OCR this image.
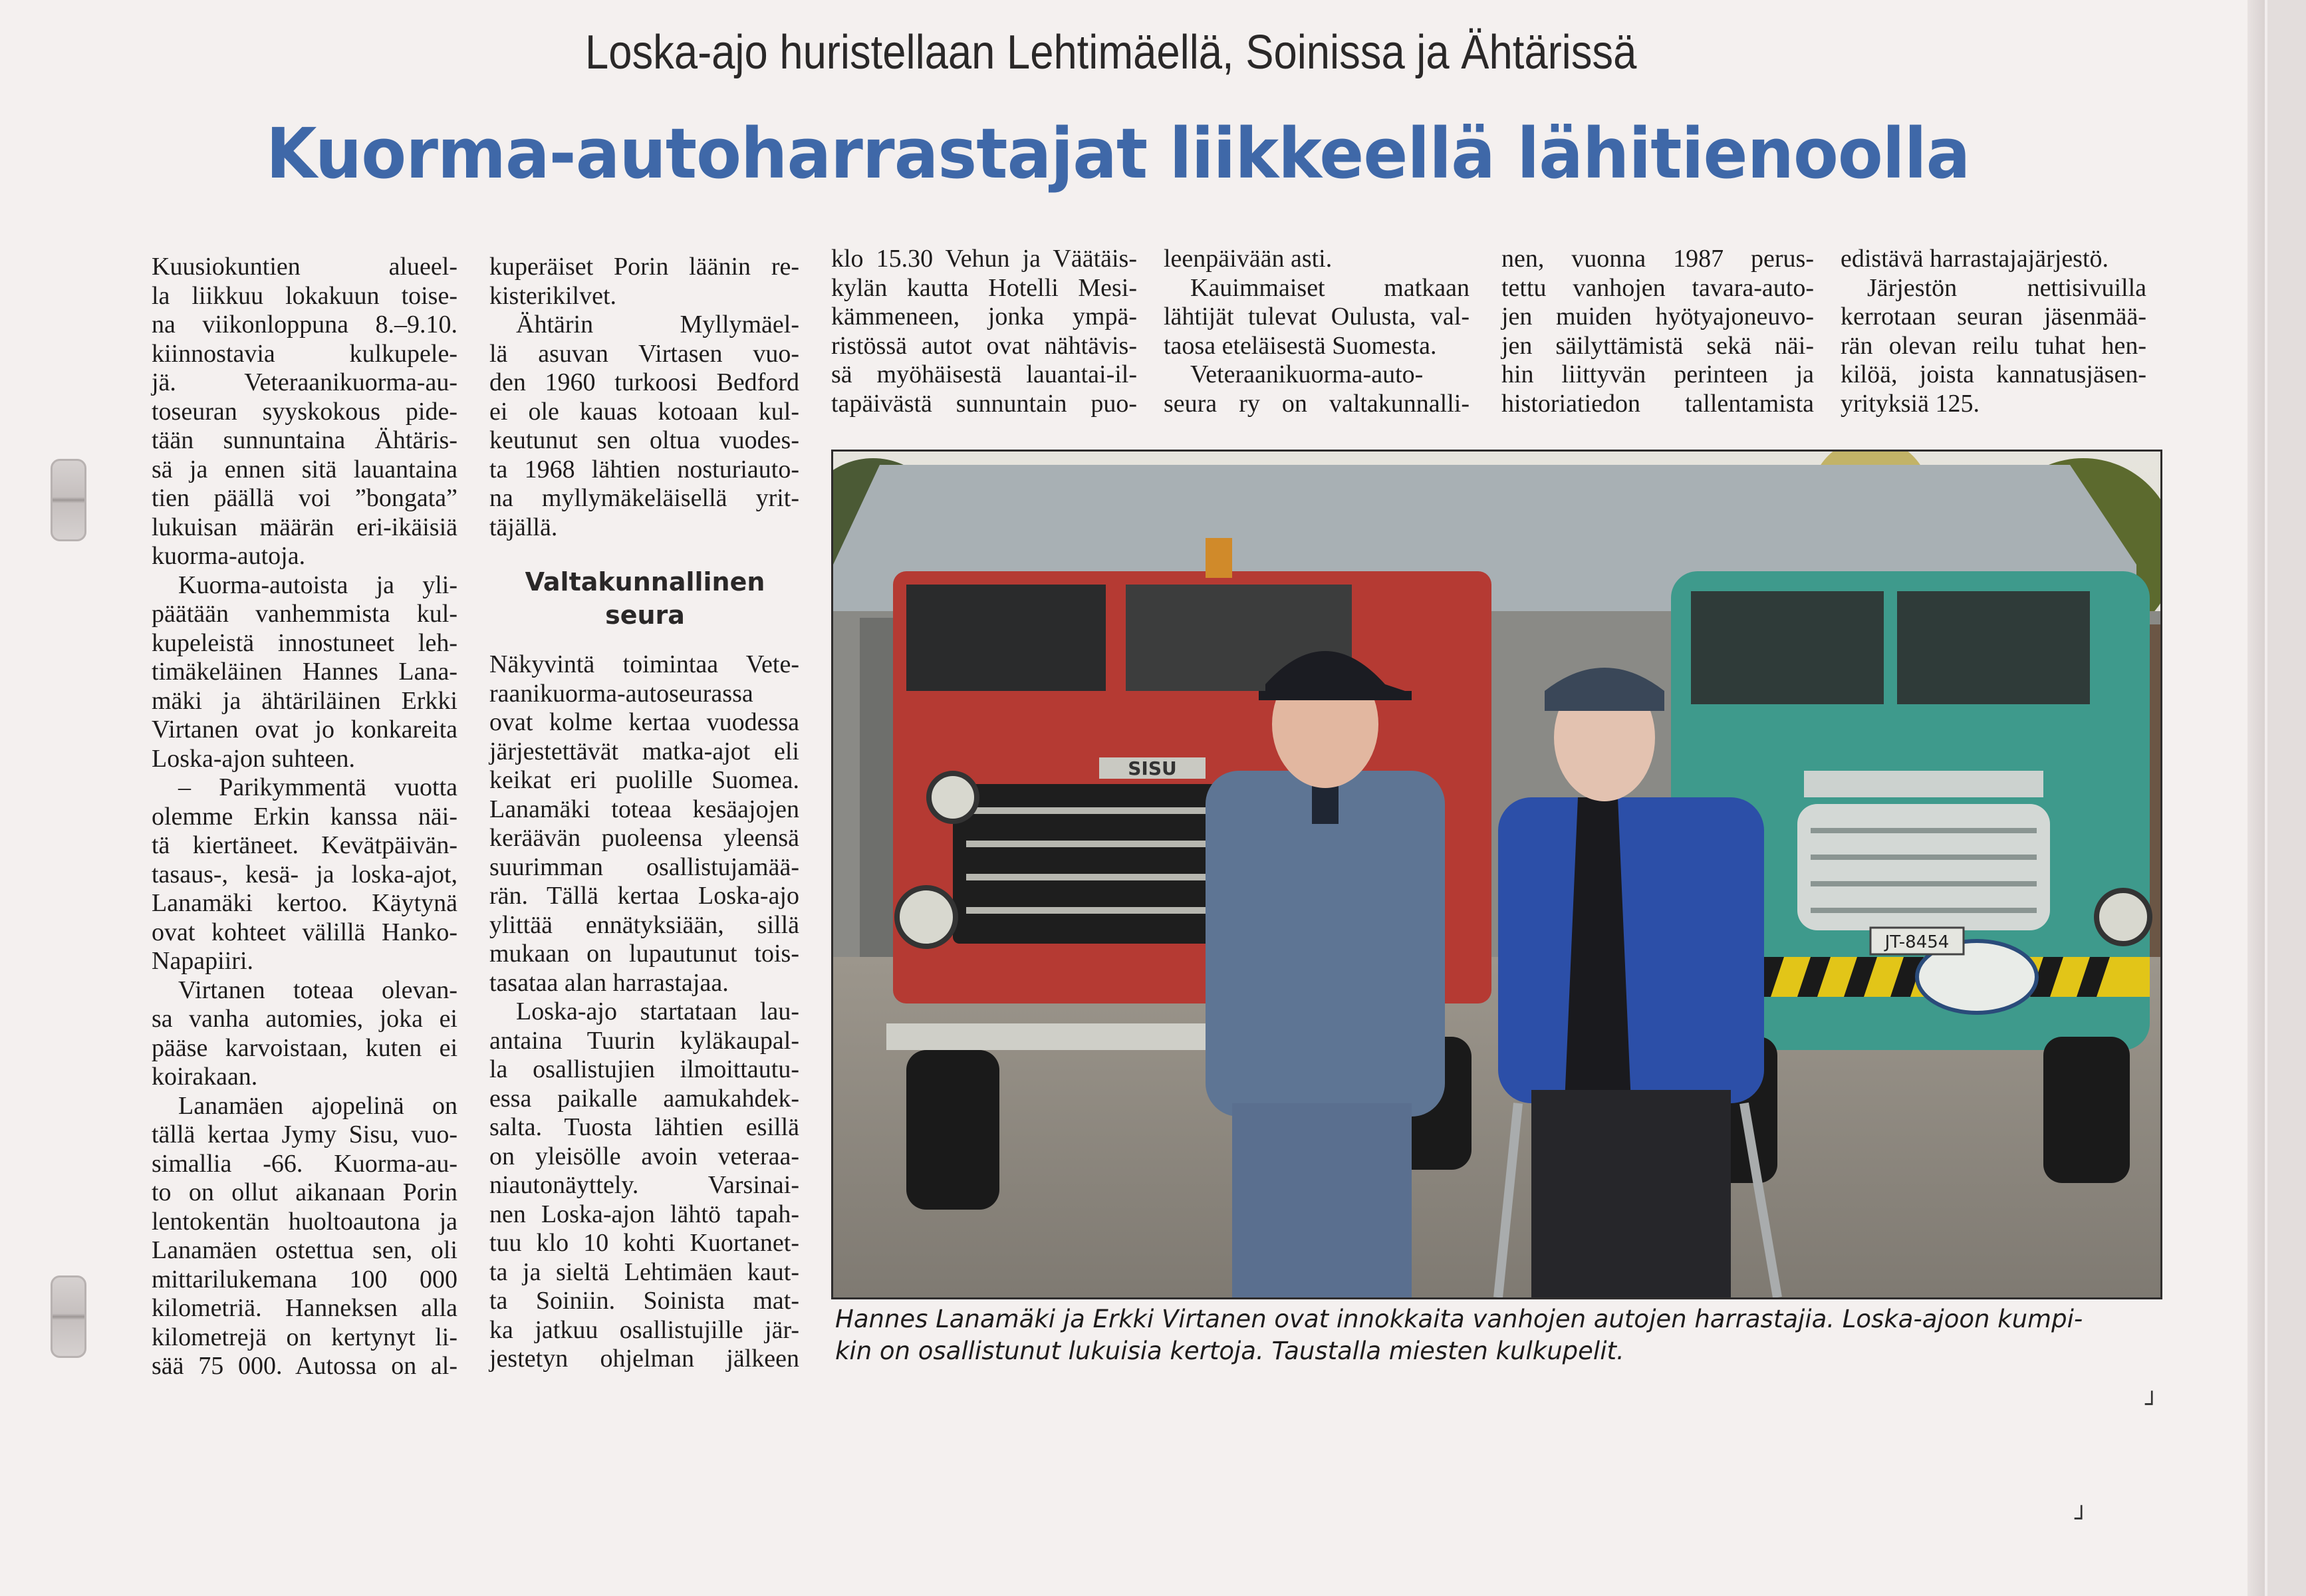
Loska-ajo huristellaan Lehtimäellä, Soinissa ja Ähtärissä
Kuorma-autoharrastajat liikkeellä lähitienoolla
Kuusiokuntien alueel-
la liikkuu lokakuun toise-
na viikonloppuna 8.–9.10.
kiinnostavia kulkupele-
jä. Veteraanikuorma-au-
toseuran syyskokous pide-
tään sunnuntaina Ähtäris-
sä ja ennen sitä lauantaina
tien päällä voi ”bongata”
lukuisan määrän eri-ikäisiä
kuorma-autoja.
Kuorma-autoista ja yli-
päätään vanhemmista kul-
kupeleistä innostuneet leh-
timäkeläinen Hannes Lana-
mäki ja ähtäriläinen Erkki
Virtanen ovat jo konkareita
Loska-ajon suhteen.
– Parikymmentä vuotta
olemme Erkin kanssa näi-
tä kiertäneet. Kevätpäivän-
tasaus-, kesä- ja loska-ajot,
Lanamäki kertoo. Käytynä
ovat kohteet välillä Hanko-
Napapiiri.
Virtanen toteaa olevan-
sa vanha automies, joka ei
pääse karvoistaan, kuten ei
koirakaan.
Lanamäen ajopelinä on
tällä kertaa Jymy Sisu, vuo-
simallia -66. Kuorma-au-
to on ollut aikanaan Porin
lentokentän huoltoautona ja
Lanamäen ostettua sen, oli
mittarilukemana 100 000
kilometriä. Hanneksen alla
kilometrejä on kertynyt li-
sää 75 000. Autossa on al-
kuperäiset Porin läänin re-
kisterikilvet.
Ähtärin Myllymäel-
lä asuvan Virtasen vuo-
den 1960 turkoosi Bedford
ei ole kauas kotoaan kul-
keutunut sen oltua vuodes-
ta 1968 lähtien nosturiauto-
na myllymäkeläisellä yrit-
täjällä.
Valtakunnallinen
seura
Näkyvintä toimintaa Vete-
raanikuorma-autoseurassa
ovat kolme kertaa vuodessa
järjestettävät matka-ajot eli
keikat eri puolille Suomea.
Lanamäki toteaa kesäajojen
keräävän puoleensa yleensä
suurimman osallistujamää-
rän. Tällä kertaa Loska-ajo
ylittää ennätyksiään, sillä
mukaan on lupautunut tois-
tasataa alan harrastajaa.
Loska-ajo startataan lau-
antaina Tuurin kyläkaupal-
la osallistujien ilmoittautu-
essa paikalle aamukahdek-
salta. Tuosta lähtien esillä
on yleisölle avoin veteraa-
niautonäyttely. Varsinai-
nen Loska-ajon lähtö tapah-
tuu klo 10 kohti Kuortanet-
ta ja sieltä Lehtimäen kaut-
ta Soiniin. Soinista mat-
ka jatkuu osallistujille jär-
jestetyn ohjelman jälkeen
klo 15.30 Vehun ja Väätäis-
kylän kautta Hotelli Mesi-
kämmeneen, jonka ympä-
ristössä autot ovat nähtävis-
sä myöhäisestä lauantai-il-
tapäivästä sunnuntain puo-
leenpäivään asti.
Kauimmaiset matkaan
lähtijät tulevat Oulusta, val-
taosa eteläisestä Suomesta.
Veteraanikuorma-auto-
seura ry on valtakunnalli-
nen, vuonna 1987 perus-
tettu vanhojen tavara-auto-
jen muiden hyötyajoneuvo-
jen säilyttämistä sekä näi-
hin liittyvän perinteen ja
historiatiedon tallentamista
edistävä harrastajajärjestö.
Järjestön nettisivuilla
kerrotaan seuran jäsenmää-
rän olevan reilu tuhat hen-
kilöä, joista kannatusjäsen-
yrityksiä 125.
SISU
JT-8454
Hannes Lanamäki ja Erkki Virtanen ovat innokkaita vanhojen autojen harrastajia. Loska-ajoon kumpi-
kin on osallistunut lukuisia kertoja. Taustalla miesten kulkupelit.
┘
┘
